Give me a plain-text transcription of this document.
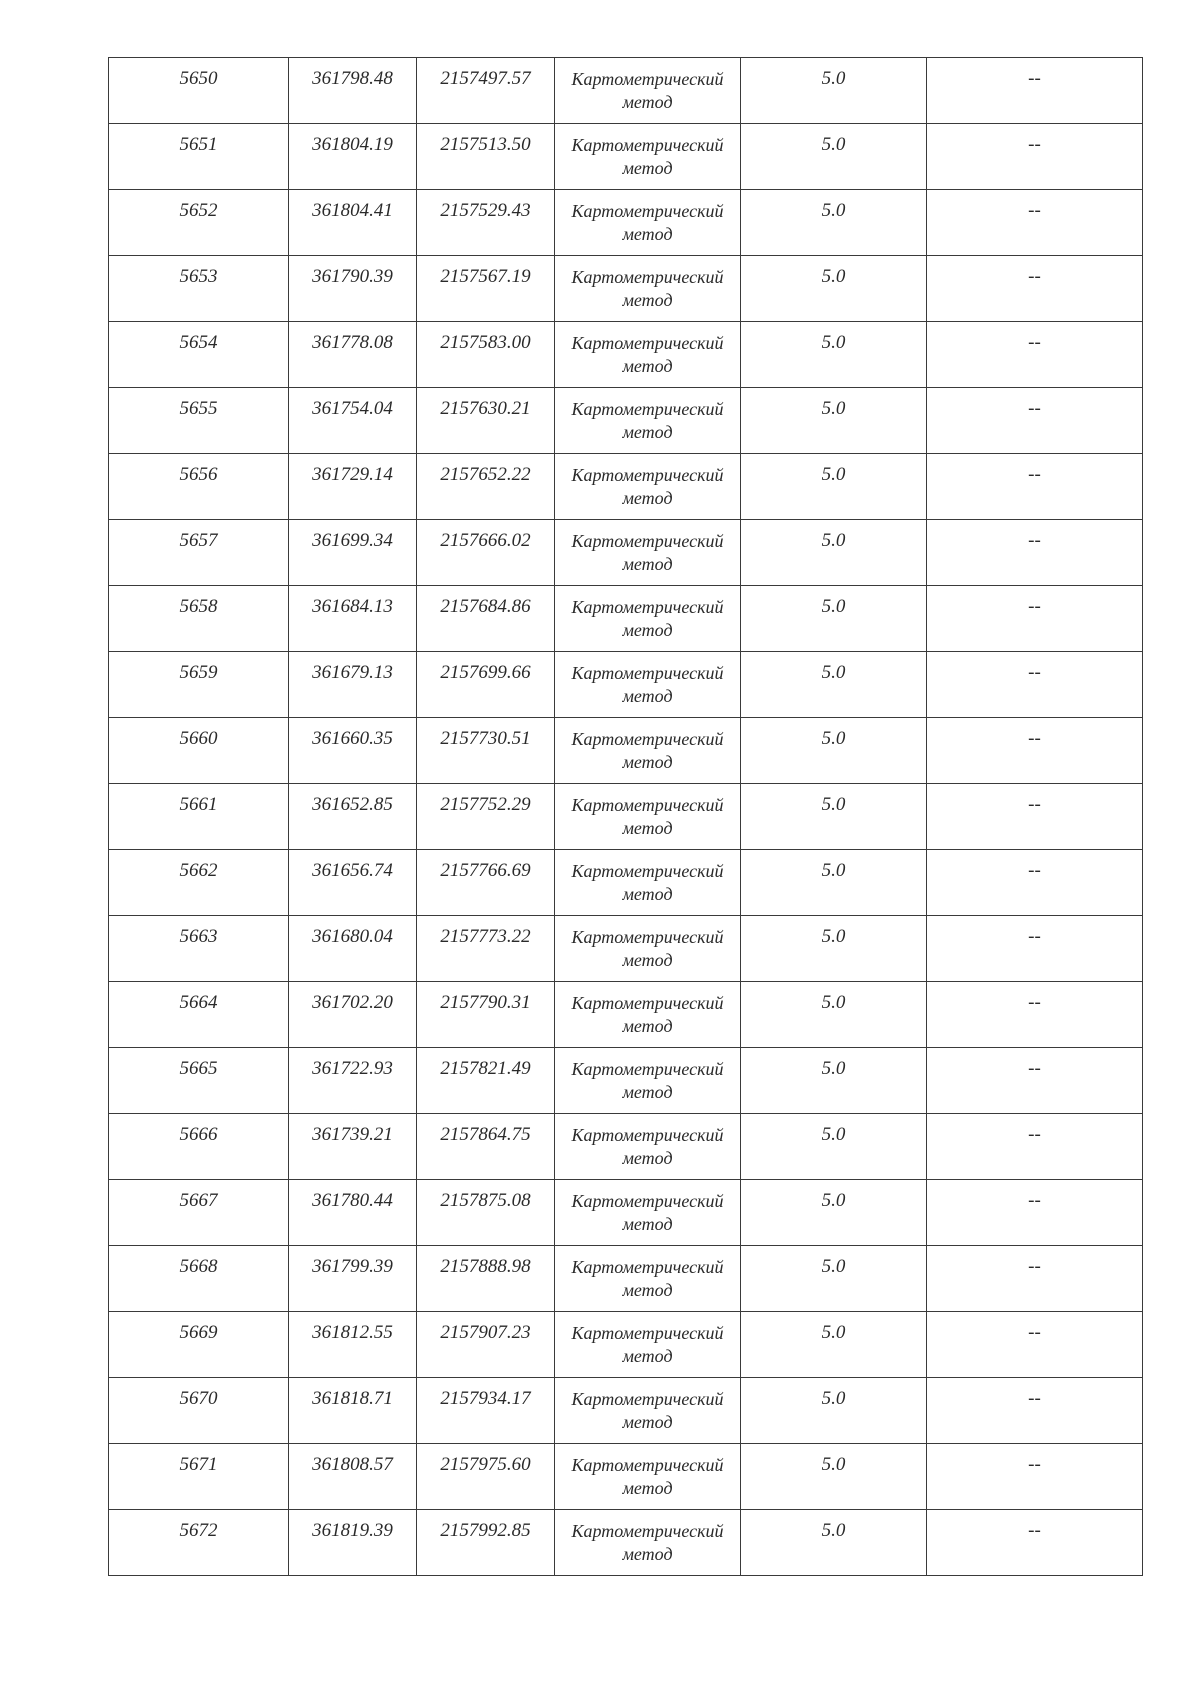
5650	361798.48	2157497.57	Картометрический метод	5.0	--
5651	361804.19	2157513.50	Картометрический метод	5.0	--
5652	361804.41	2157529.43	Картометрический метод	5.0	--
5653	361790.39	2157567.19	Картометрический метод	5.0	--
5654	361778.08	2157583.00	Картометрический метод	5.0	--
5655	361754.04	2157630.21	Картометрический метод	5.0	--
5656	361729.14	2157652.22	Картометрический метод	5.0	--
5657	361699.34	2157666.02	Картометрический метод	5.0	--
5658	361684.13	2157684.86	Картометрический метод	5.0	--
5659	361679.13	2157699.66	Картометрический метод	5.0	--
5660	361660.35	2157730.51	Картометрический метод	5.0	--
5661	361652.85	2157752.29	Картометрический метод	5.0	--
5662	361656.74	2157766.69	Картометрический метод	5.0	--
5663	361680.04	2157773.22	Картометрический метод	5.0	--
5664	361702.20	2157790.31	Картометрический метод	5.0	--
5665	361722.93	2157821.49	Картометрический метод	5.0	--
5666	361739.21	2157864.75	Картометрический метод	5.0	--
5667	361780.44	2157875.08	Картометрический метод	5.0	--
5668	361799.39	2157888.98	Картометрический метод	5.0	--
5669	361812.55	2157907.23	Картометрический метод	5.0	--
5670	361818.71	2157934.17	Картометрический метод	5.0	--
5671	361808.57	2157975.60	Картометрический метод	5.0	--
5672	361819.39	2157992.85	Картометрический метод	5.0	--
